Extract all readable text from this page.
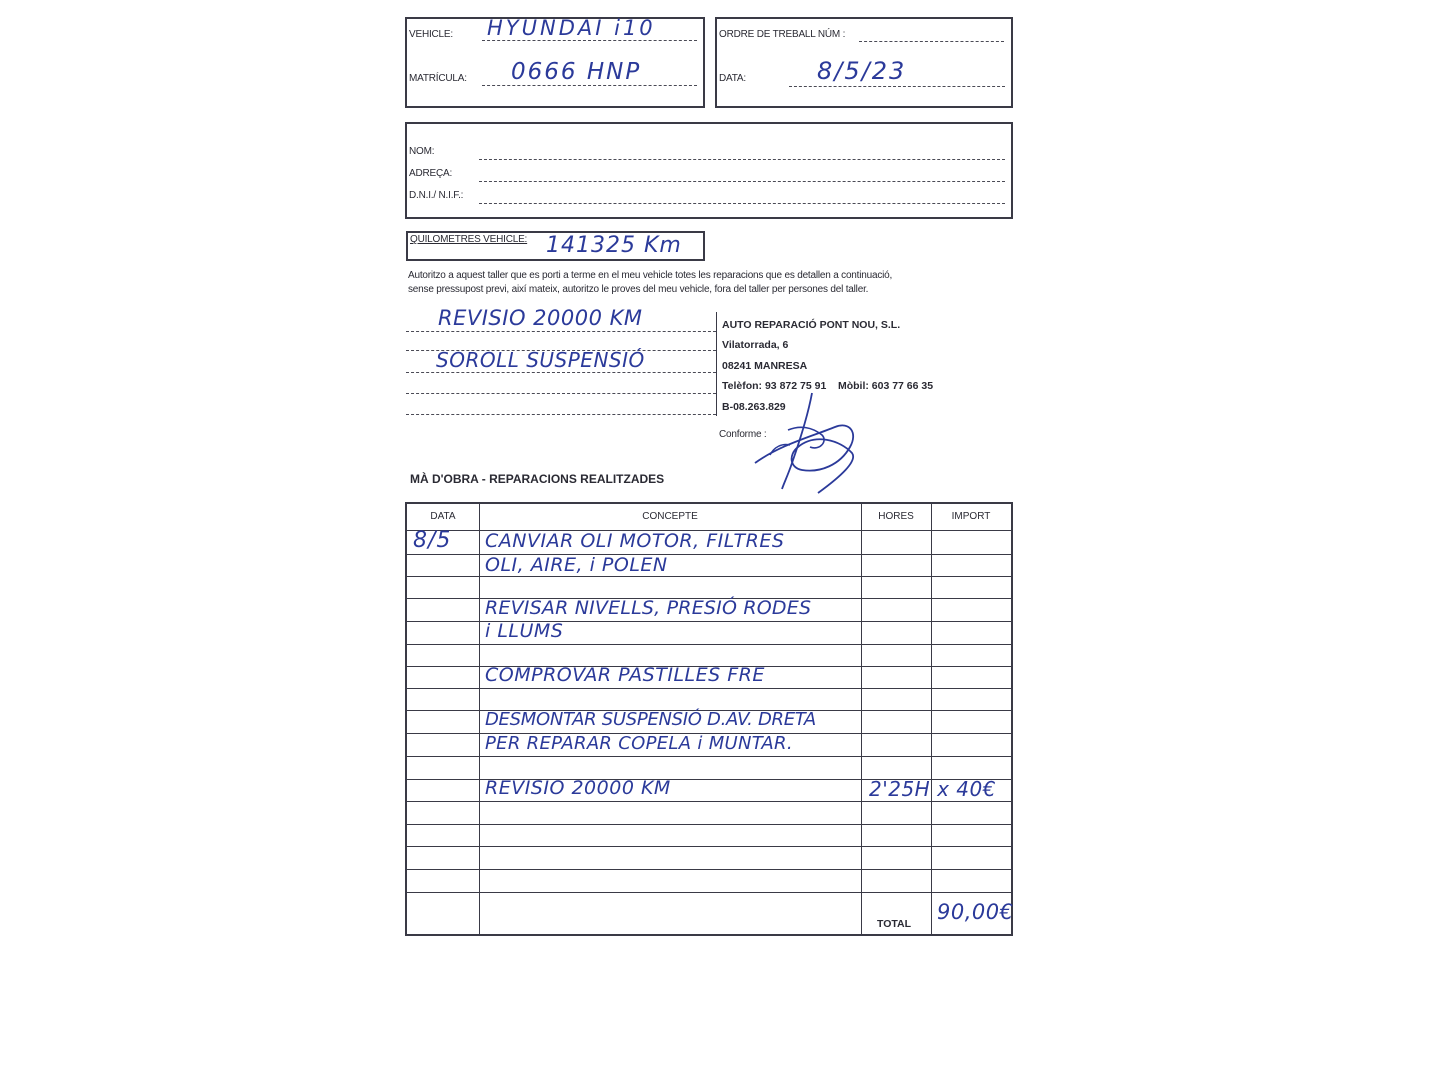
VEHICLE: HYUNDAI i10
MATRÍCULA: 0666 HNP
ORDRE DE TREBALL NÚM :
DATA:	8/5/23
NOM:
ADREÇA:
D.N.I./ N.I.F.:
QUILOMETRES VEHICLE: 141325 Km
Autoritzo a aquest taller que es porti a terme en el meu vehicle totes les reparacions que es detallen a continuació,
sense pressupost previ, així mateix, autoritzo le proves del meu vehicle, fora del taller per persones del taller.
REVISIO 20000 KM
SOROLL SUSPENSIÓ
AUTO REPARACIÓ PONT NOU, S.L.
Vilatorrada, 6
08241 MANRESA
Telèfon: 93 872 75 91    Mòbil: 603 77 66 35
B-08.263.829
Conforme :
MÀ D'OBRA - REPARACIONS REALITZADES
DATA	CONCEPTE	HORES	IMPORT
8/5 CANVIAR OLI MOTOR, FILTRES
OLI, AIRE, i POLEN
REVISAR NIVELLS, PRESIÓ RODES
i LLUMS
COMPROVAR PASTILLES FRE
DESMONTAR SUSPENSIÓ D.AV. DRETA
PER REPARAR COPELA i MUNTAR.
REVISIO 20000 KM	2'25H x 40€
TOTAL 90,00€
